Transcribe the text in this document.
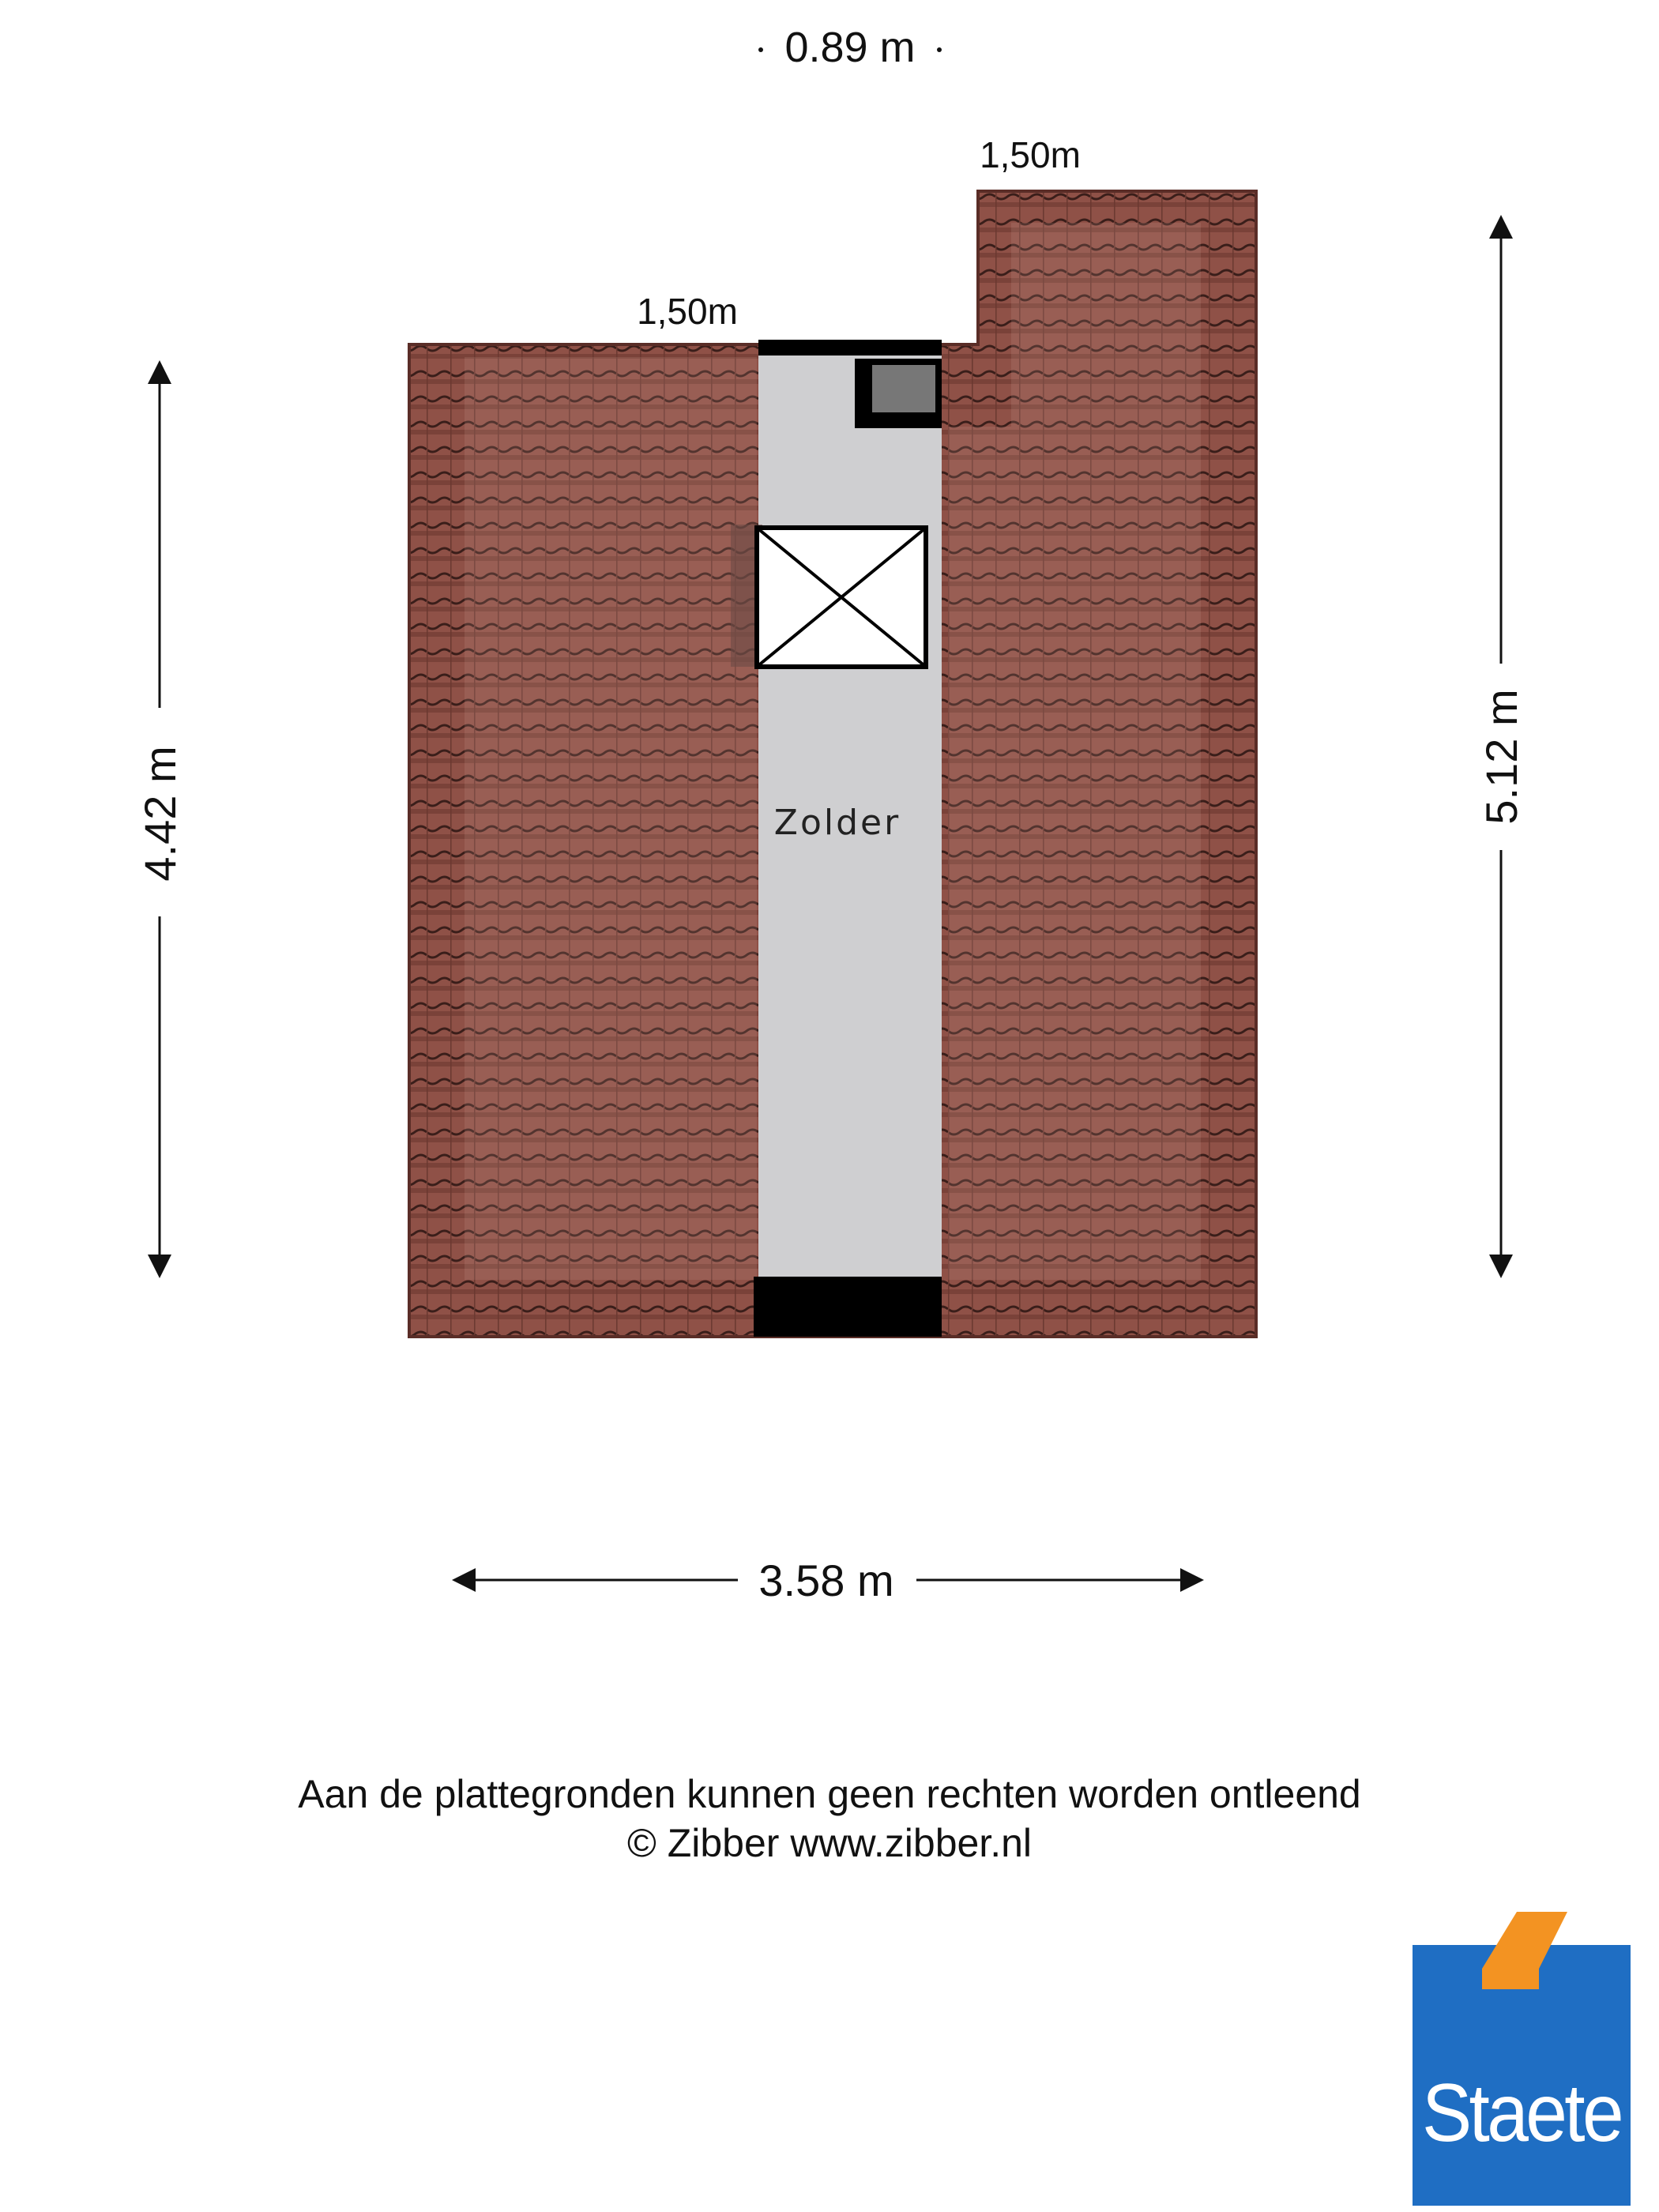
Zolder
0.89 m
1,50m
1,50m
4.42 m	5.12 m
3.58 m
Aan de plattegronden kunnen geen rechten worden ontleend
© Zibber www.zibber.nl
Staete
